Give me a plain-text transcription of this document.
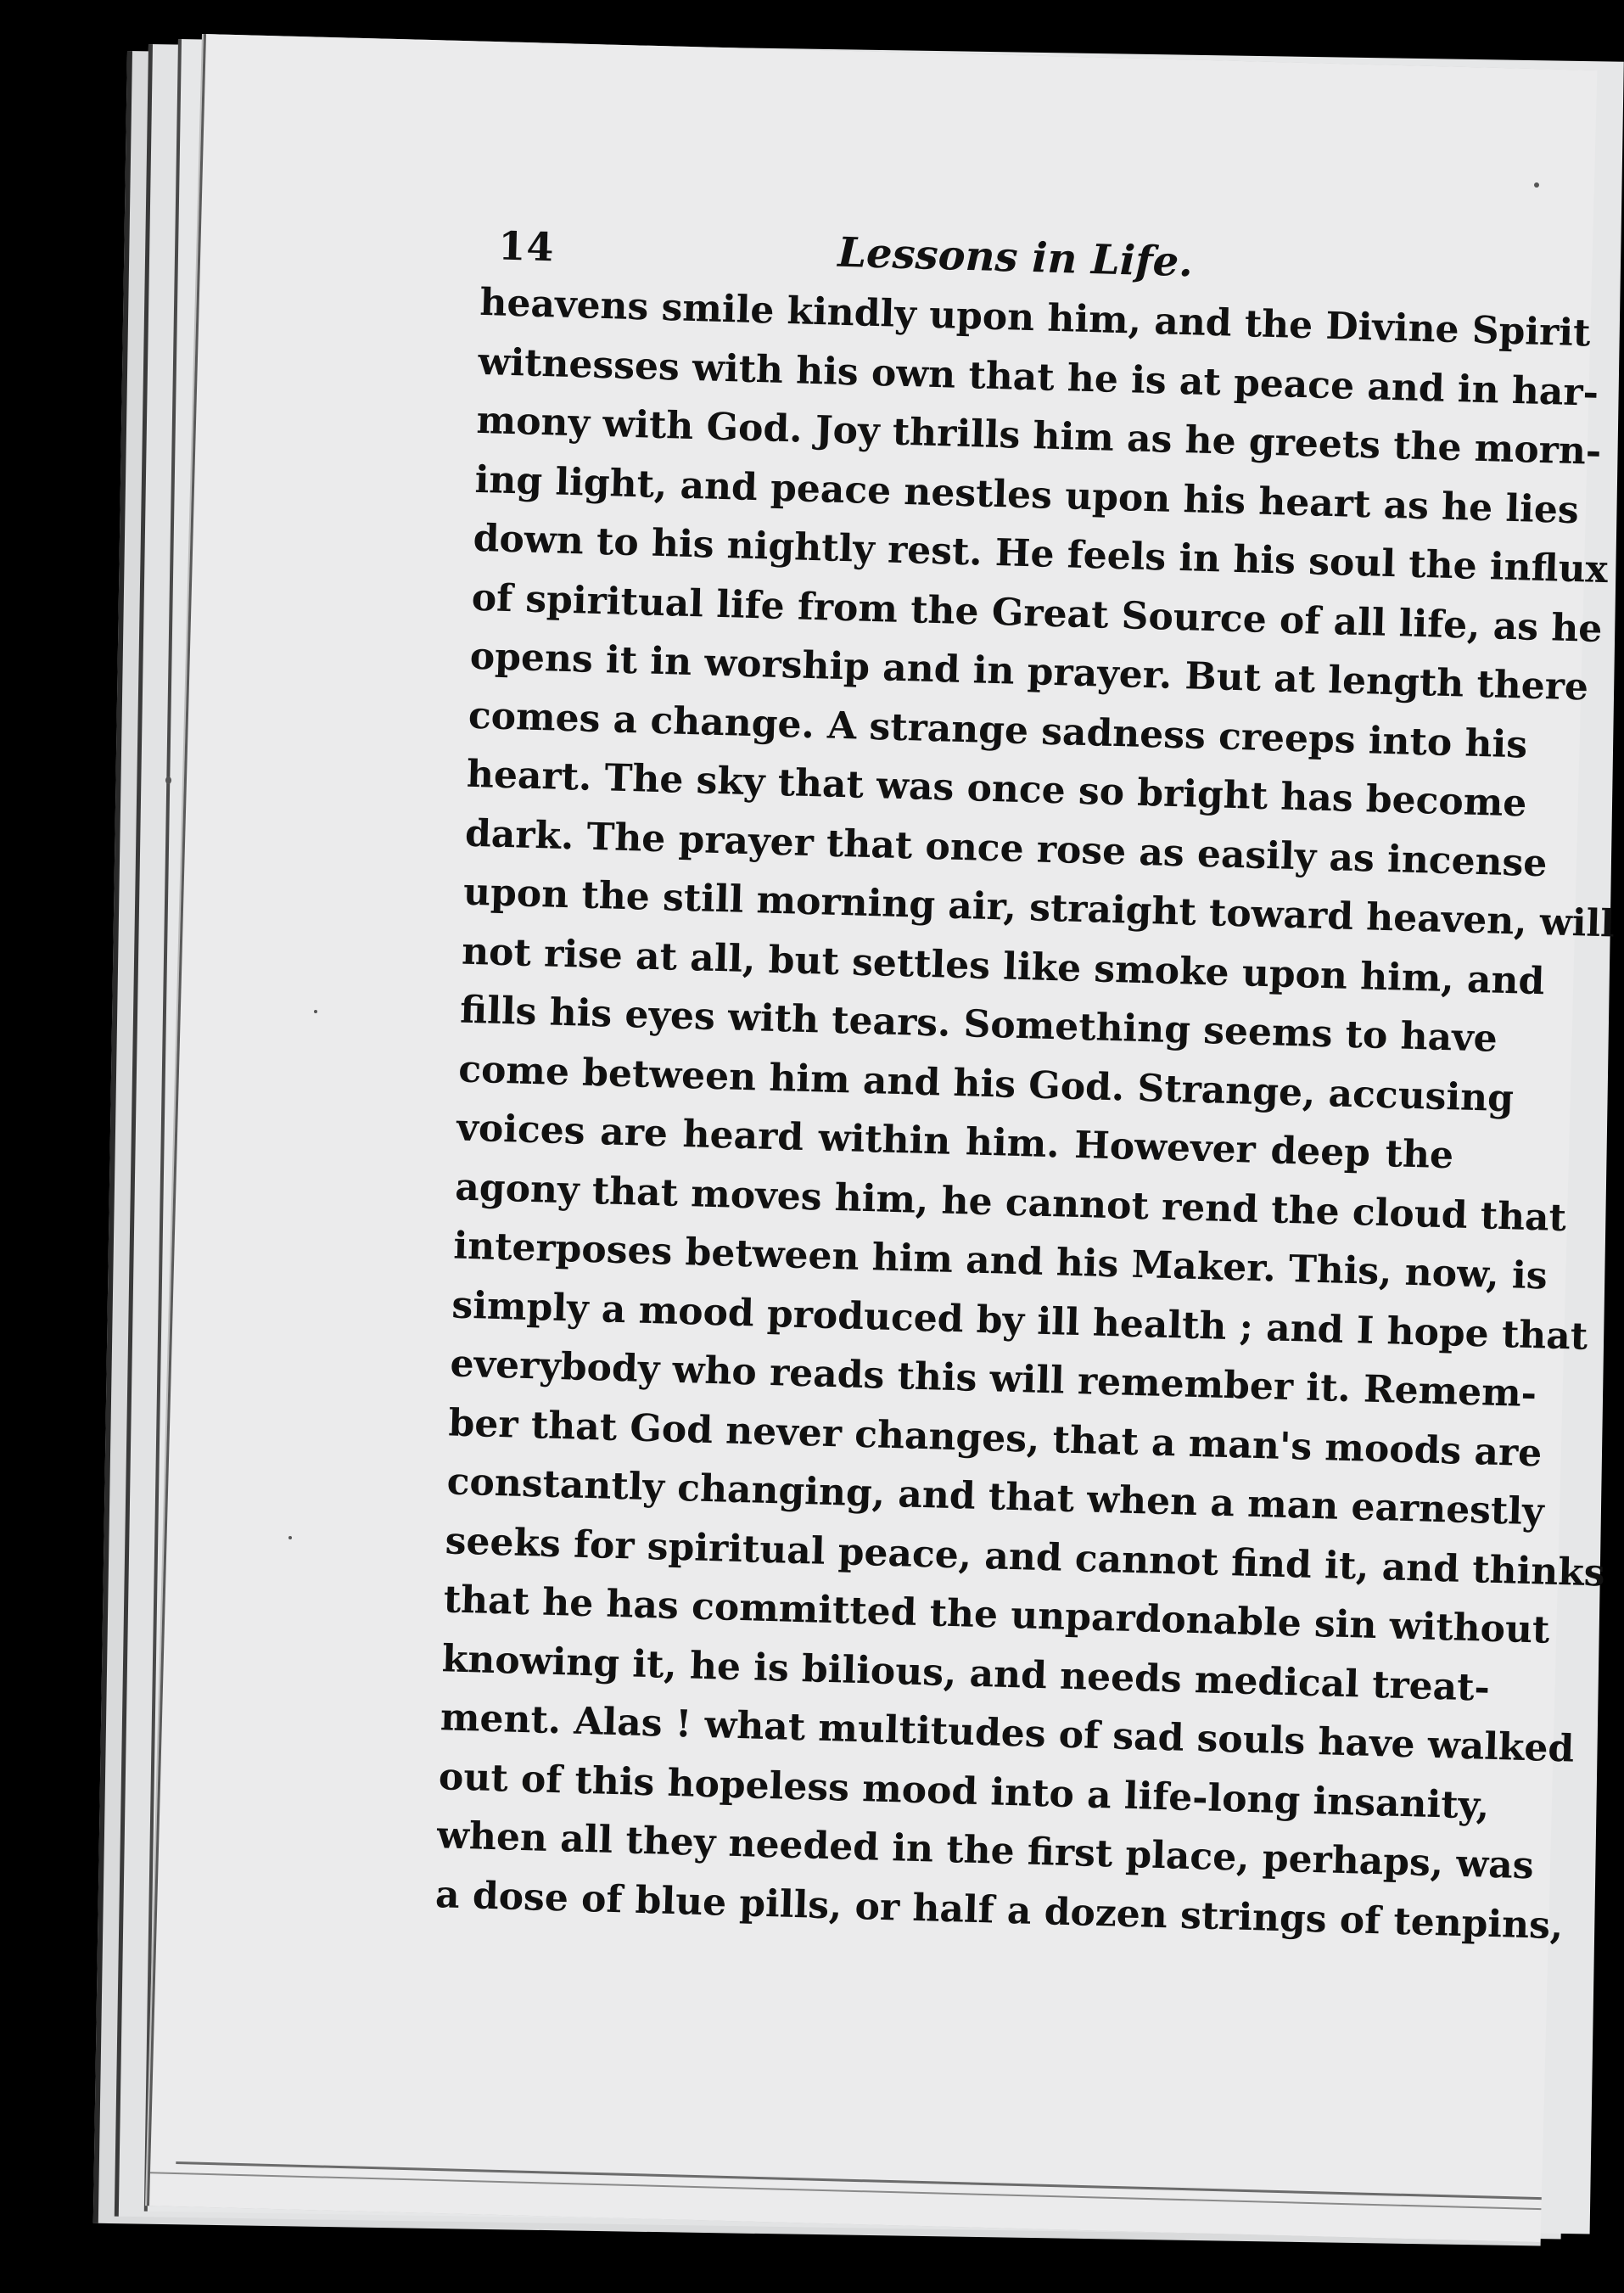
14	Lessons in Life.
heavens smile kindly upon him, and the Divine Spirit
witnesses with his own that he is at peace and in har-
mony with God. Joy thrills him as he greets the morn-
ing light, and peace nestles upon his heart as he lies
down to his nightly rest. He feels in his soul the influx
of spiritual life from the Great Source of all life, as he
opens it in worship and in prayer. But at length there
comes a change. A strange sadness creeps into his
heart. The sky that was once so bright has become
dark. The prayer that once rose as easily as incense
upon the still morning air, straight toward heaven, will
not rise at all, but settles like smoke upon him, and
fills his eyes with tears. Something seems to have
come between him and his God. Strange, accusing
voices are heard within him. However deep the
agony that moves him, he cannot rend the cloud that
interposes between him and his Maker. This, now, is
simply a mood produced by ill health ; and I hope that
everybody who reads this will remember it. Remem-
ber that God never changes, that a man's moods are
constantly changing, and that when a man earnestly
seeks for spiritual peace, and cannot find it, and thinks
that he has committed the unpardonable sin without
knowing it, he is bilious, and needs medical treat-
ment. Alas ! what multitudes of sad souls have walked
out of this hopeless mood into a life-long insanity,
when all they needed in the first place, perhaps, was
a dose of blue pills, or half a dozen strings of tenpins,
